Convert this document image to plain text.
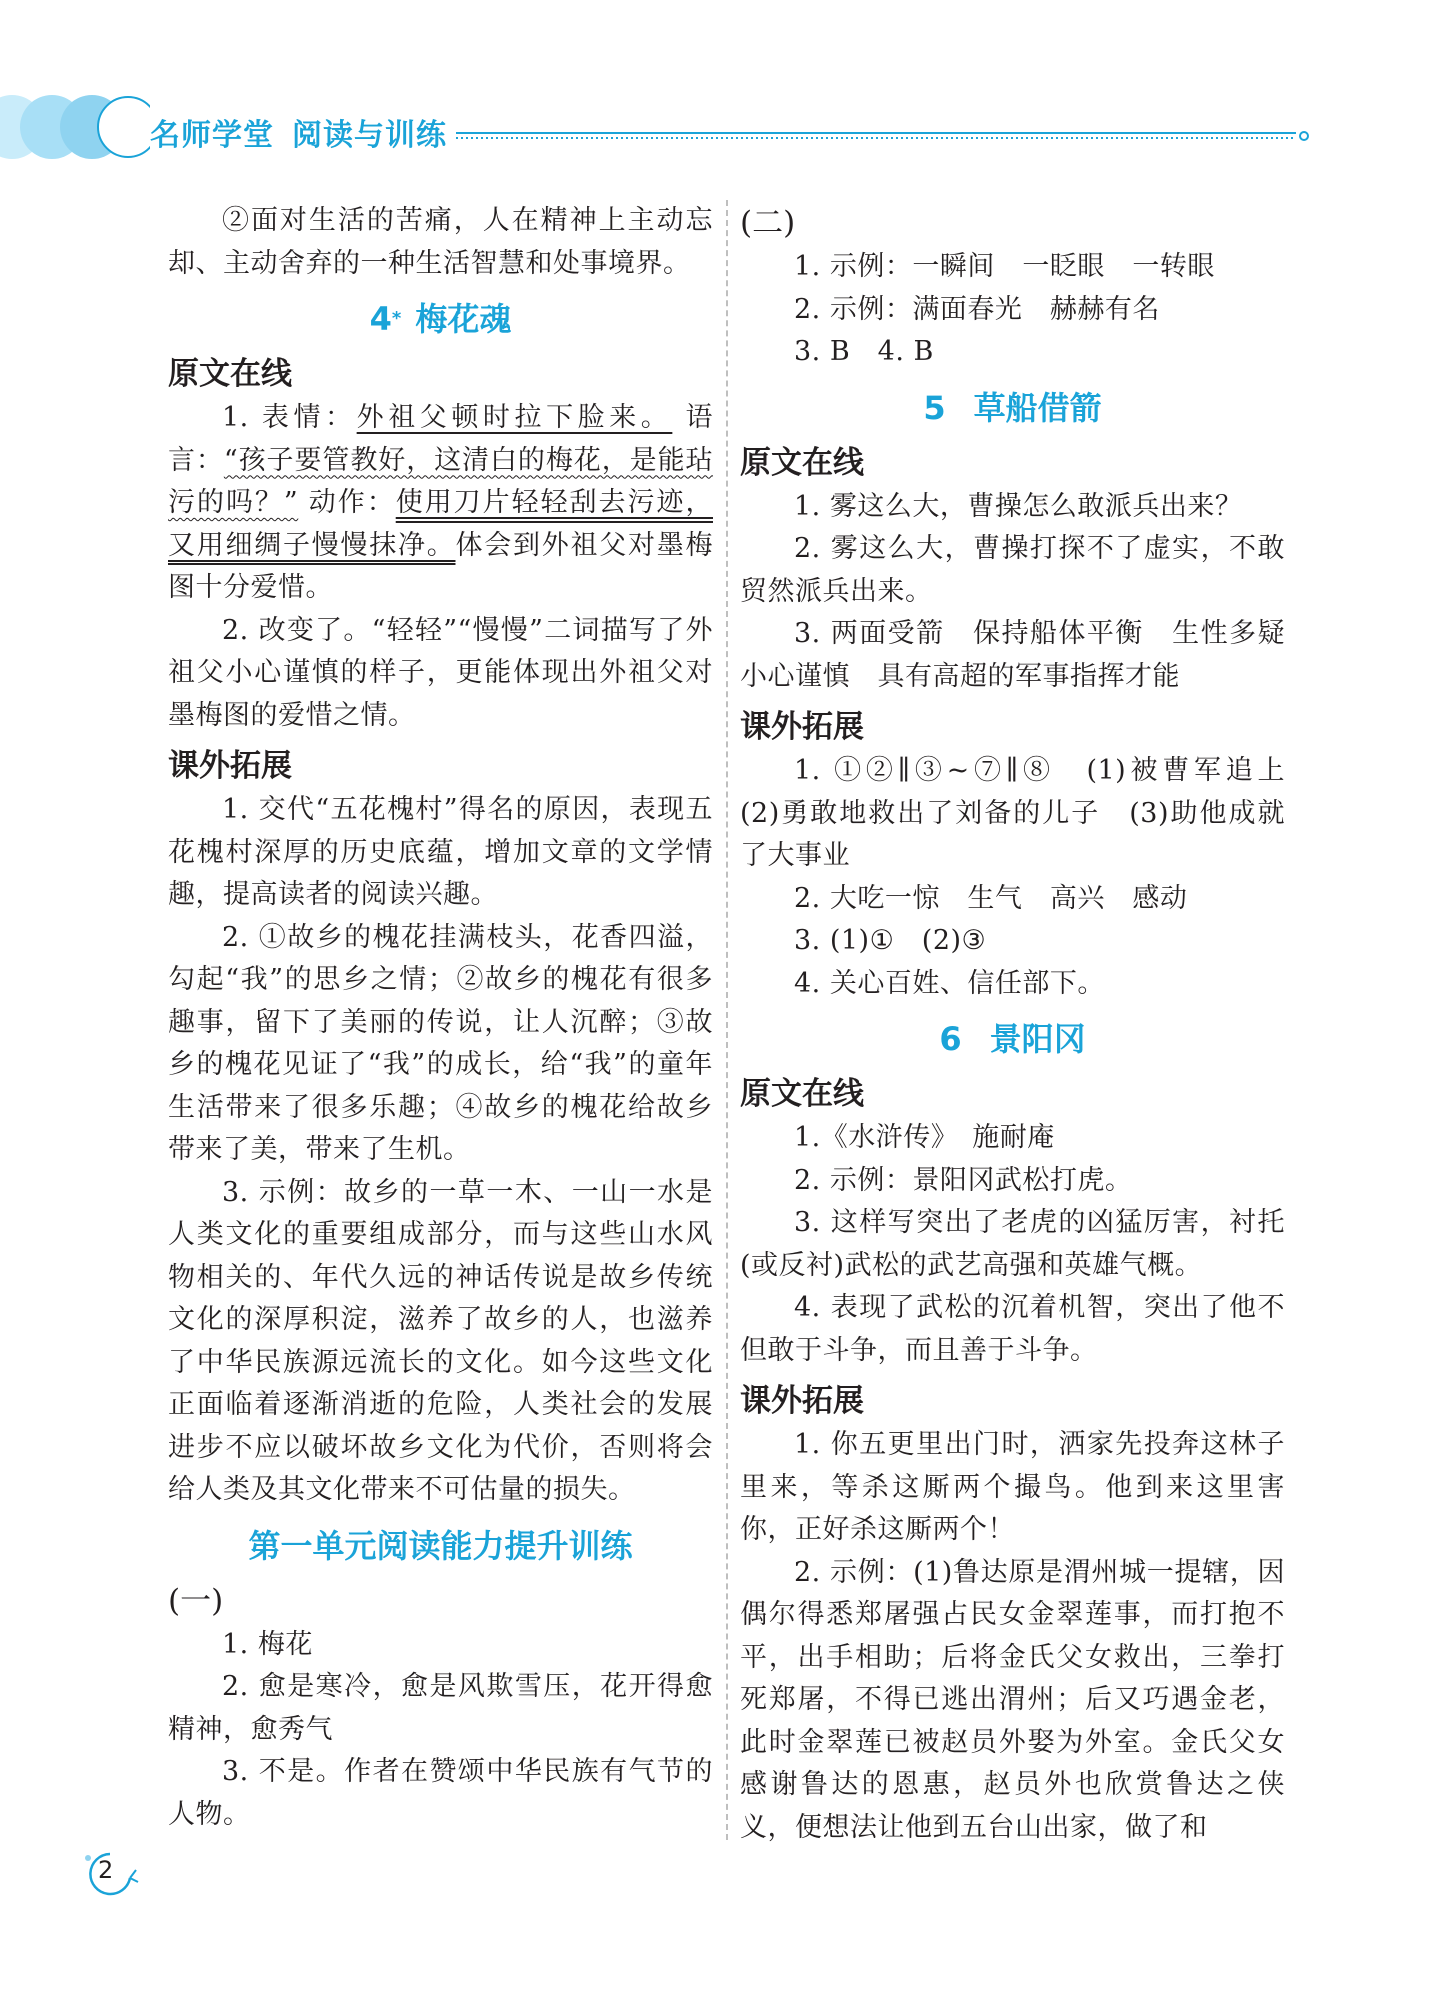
名师学堂 阅读与训练

②面对生活的苦痛，人在精神上主动忘却、主动舍弃的一种生活智慧和处事境界。

4* 梅花魂
原文在线

1. 表情：外祖父顿时拉下脸来。 语言：“孩子要管教好，这清白的梅花，是能玷污的吗？” 动作：使用刀片轻轻刮去污迹，又用细绸子慢慢抹净。体会到外祖父对墨梅图十分爱惜。

2. 改变了。“轻轻”“慢慢”二词描写了外祖父小心谨慎的样子，更能体现出外祖父对墨梅图的爱惜之情。

课外拓展

1. 交代“五花槐村”得名的原因，表现五花槐村深厚的历史底蕴，增加文章的文学情趣，提高读者的阅读兴趣。

2. ①故乡的槐花挂满枝头，花香四溢，勾起“我”的思乡之情；②故乡的槐花有很多趣事，留下了美丽的传说，让人沉醉；③故乡的槐花见证了“我”的成长，给“我”的童年生活带来了很多乐趣；④故乡的槐花给故乡带来了美，带来了生机。

3. 示例：故乡的一草一木、一山一水是人类文化的重要组成部分，而与这些山水风物相关的、年代久远的神话传说是故乡传统文化的深厚积淀，滋养了故乡的人，也滋养了中华民族源远流长的文化。如今这些文化正面临着逐渐消逝的危险，人类社会的发展进步不应以破坏故乡文化为代价，否则将会给人类及其文化带来不可估量的损失。

第一单元阅读能力提升训练
(一)

1. 梅花

2. 愈是寒冷，愈是风欺雪压，花开得愈精神，愈秀气

3. 不是。作者在赞颂中华民族有气节的人物。

(二)

1. 示例：一瞬间　一眨眼　一转眼

2. 示例：满面春光　赫赫有名

3. B　4. B

5 草船借箭
原文在线

1. 雾这么大，曹操怎么敢派兵出来？

2. 雾这么大，曹操打探不了虚实，不敢贸然派兵出来。

3. 两面受箭　保持船体平衡　生性多疑　小心谨慎　具有高超的军事指挥才能

课外拓展

1. ①②∥③~⑦∥⑧　(1)被曹军追上　(2)勇敢地救出了刘备的儿子　(3)助他成就了大事业

2. 大吃一惊　生气　高兴　感动

3. (1)①　(2)③

4. 关心百姓、信任部下。

6 景阳冈
原文在线

1.《水浒传》　施耐庵

2. 示例：景阳冈武松打虎。

3. 这样写突出了老虎的凶猛厉害，衬托(或反衬)武松的武艺高强和英雄气概。

4. 表现了武松的沉着机智，突出了他不但敢于斗争，而且善于斗争。

课外拓展

1. 你五更里出门时，洒家先投奔这林子里来，等杀这厮两个撮鸟。他到来这里害你，正好杀这厮两个！

2. 示例：(1)鲁达原是渭州城一提辖，因偶尔得悉郑屠强占民女金翠莲事，而打抱不平，出手相助；后将金氏父女救出，三拳打死郑屠，不得已逃出渭州；后又巧遇金老，此时金翠莲已被赵员外娶为外室。金氏父女感谢鲁达的恩惠，赵员外也欣赏鲁达之侠义，便想法让他到五台山出家，做了和

2
